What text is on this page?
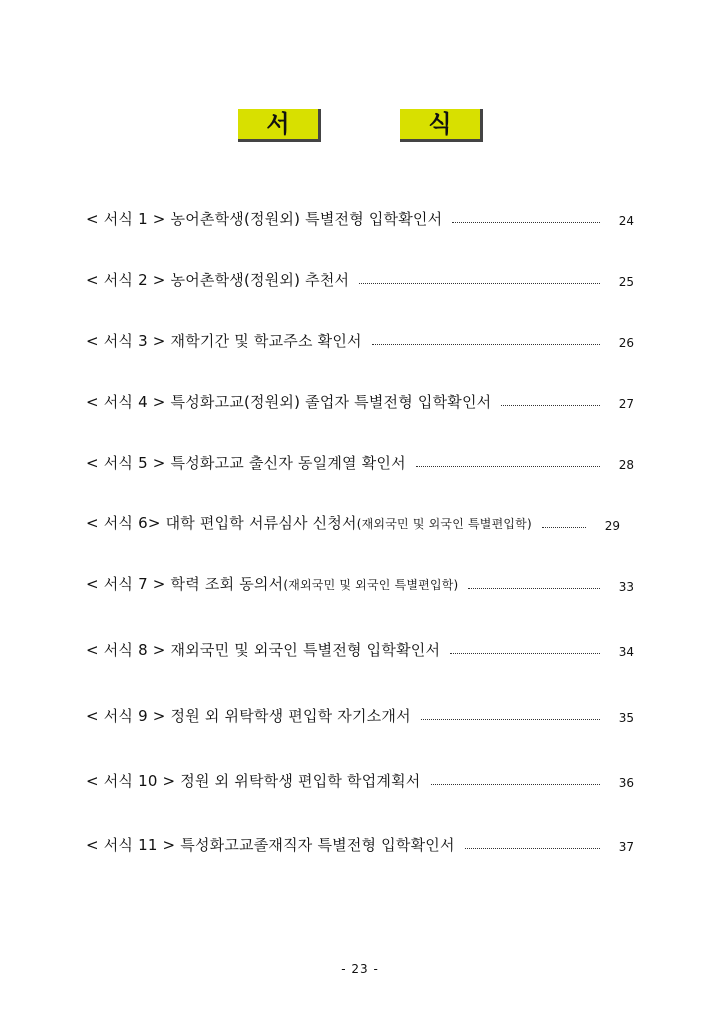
서	식
< 서식 1 > 농어촌학생(정원외) 특별전형 입학확인서	24
< 서식 2 > 농어촌학생(정원외) 추천서	25
< 서식 3 > 재학기간 및 학교주소 확인서	26
< 서식 4 > 특성화고교(정원외) 졸업자 특별전형 입학확인서	27
< 서식 5 > 특성화고교 출신자 동일계열 확인서	28
< 서식 6> 대학 편입학 서류심사 신청서(재외국민 및 외국인 특별편입학)	29
< 서식 7 > 학력 조회 동의서(재외국민 및 외국인 특별편입학)	33
< 서식 8 > 재외국민 및 외국인 특별전형 입학확인서	34
< 서식 9 > 정원 외 위탁학생 편입학 자기소개서	35
< 서식 10 > 정원 외 위탁학생 편입학 학업계획서	36
< 서식 11 > 특성화고교졸재직자 특별전형 입학확인서	37
- 23 -
